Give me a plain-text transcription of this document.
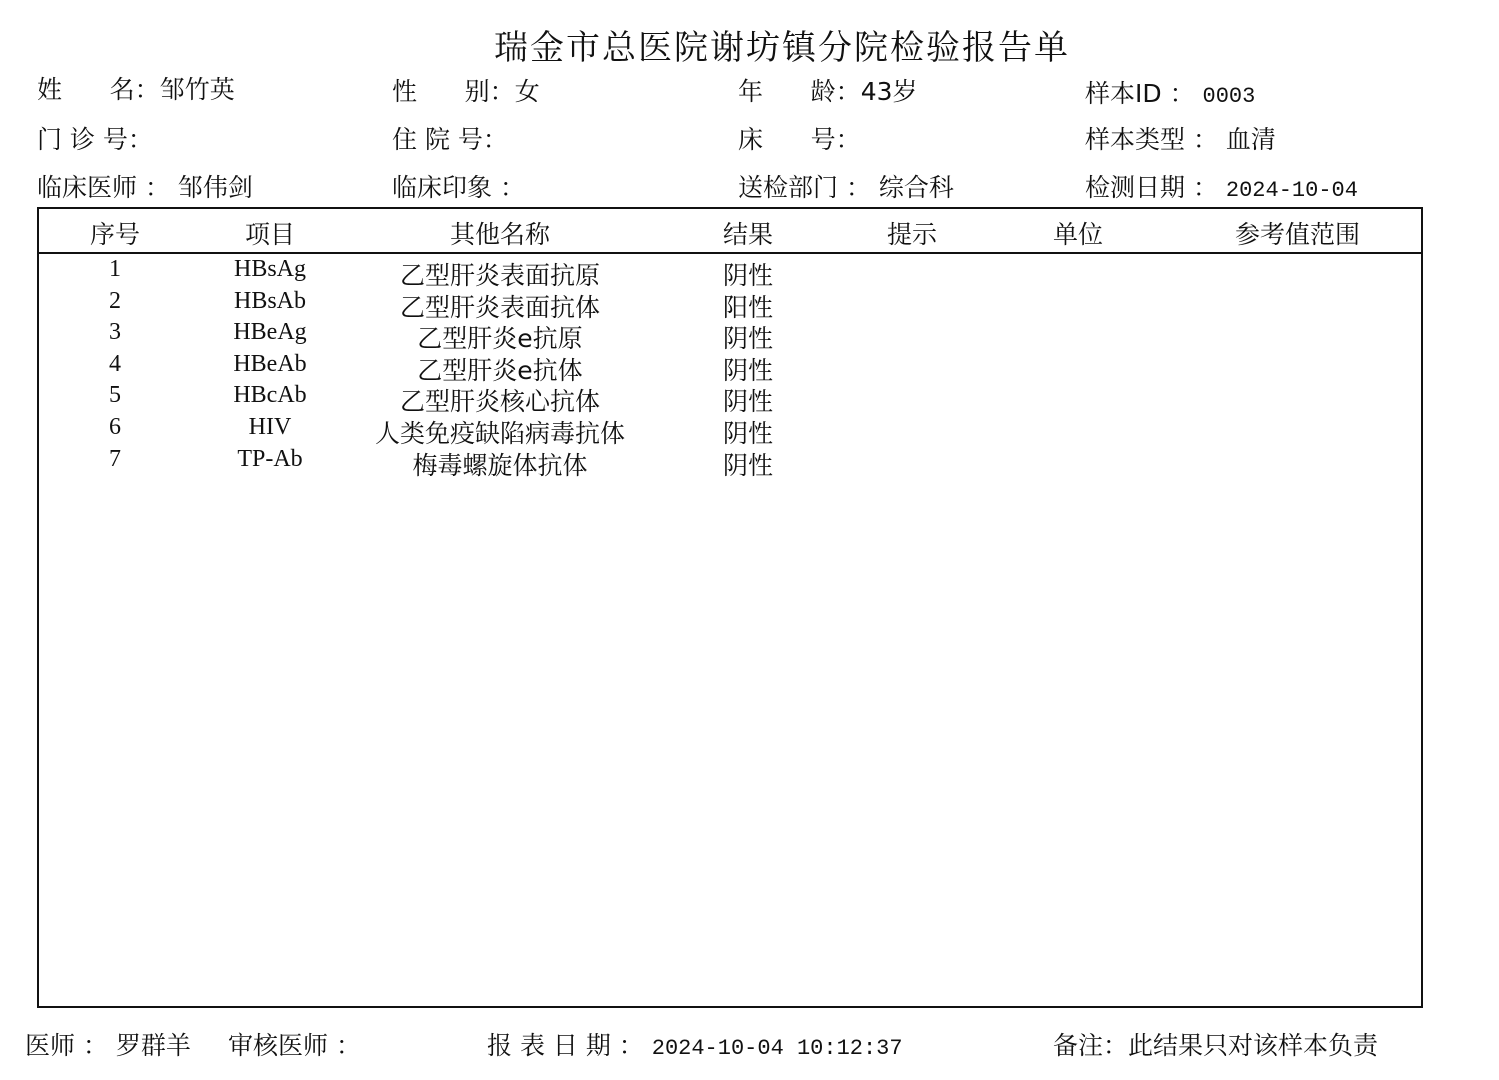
瑞金市总医院谢坊镇分院检验报告单
姓      名：邹竹英	性      别：女	年      龄：43岁	样本ID ： 0003
门 诊 号：	住 院 号：	床      号：	样本类型 ： 血清
临床医师 ： 邹伟剑	临床印象 ：	送检部门 ： 综合科	检测日期 ： 2024-10-04
序号	项目	其他名称	结果	提示	单位	参考值范围
1	HBsAg	乙型肝炎表面抗原	阴性
2	HBsAb	乙型肝炎表面抗体	阳性
3	HBeAg	乙型肝炎e抗原	阴性
4	HBeAb	乙型肝炎e抗体	阴性
5	HBcAb	乙型肝炎核心抗体	阴性
6	HIV	人类免疫缺陷病毒抗体	阴性
7	TP-Ab	梅毒螺旋体抗体	阴性
医师 ： 罗群羊 审核医师 ：	报 表 日 期 ： 2024-10-04 10:12:37	备注：此结果只对该样本负责
